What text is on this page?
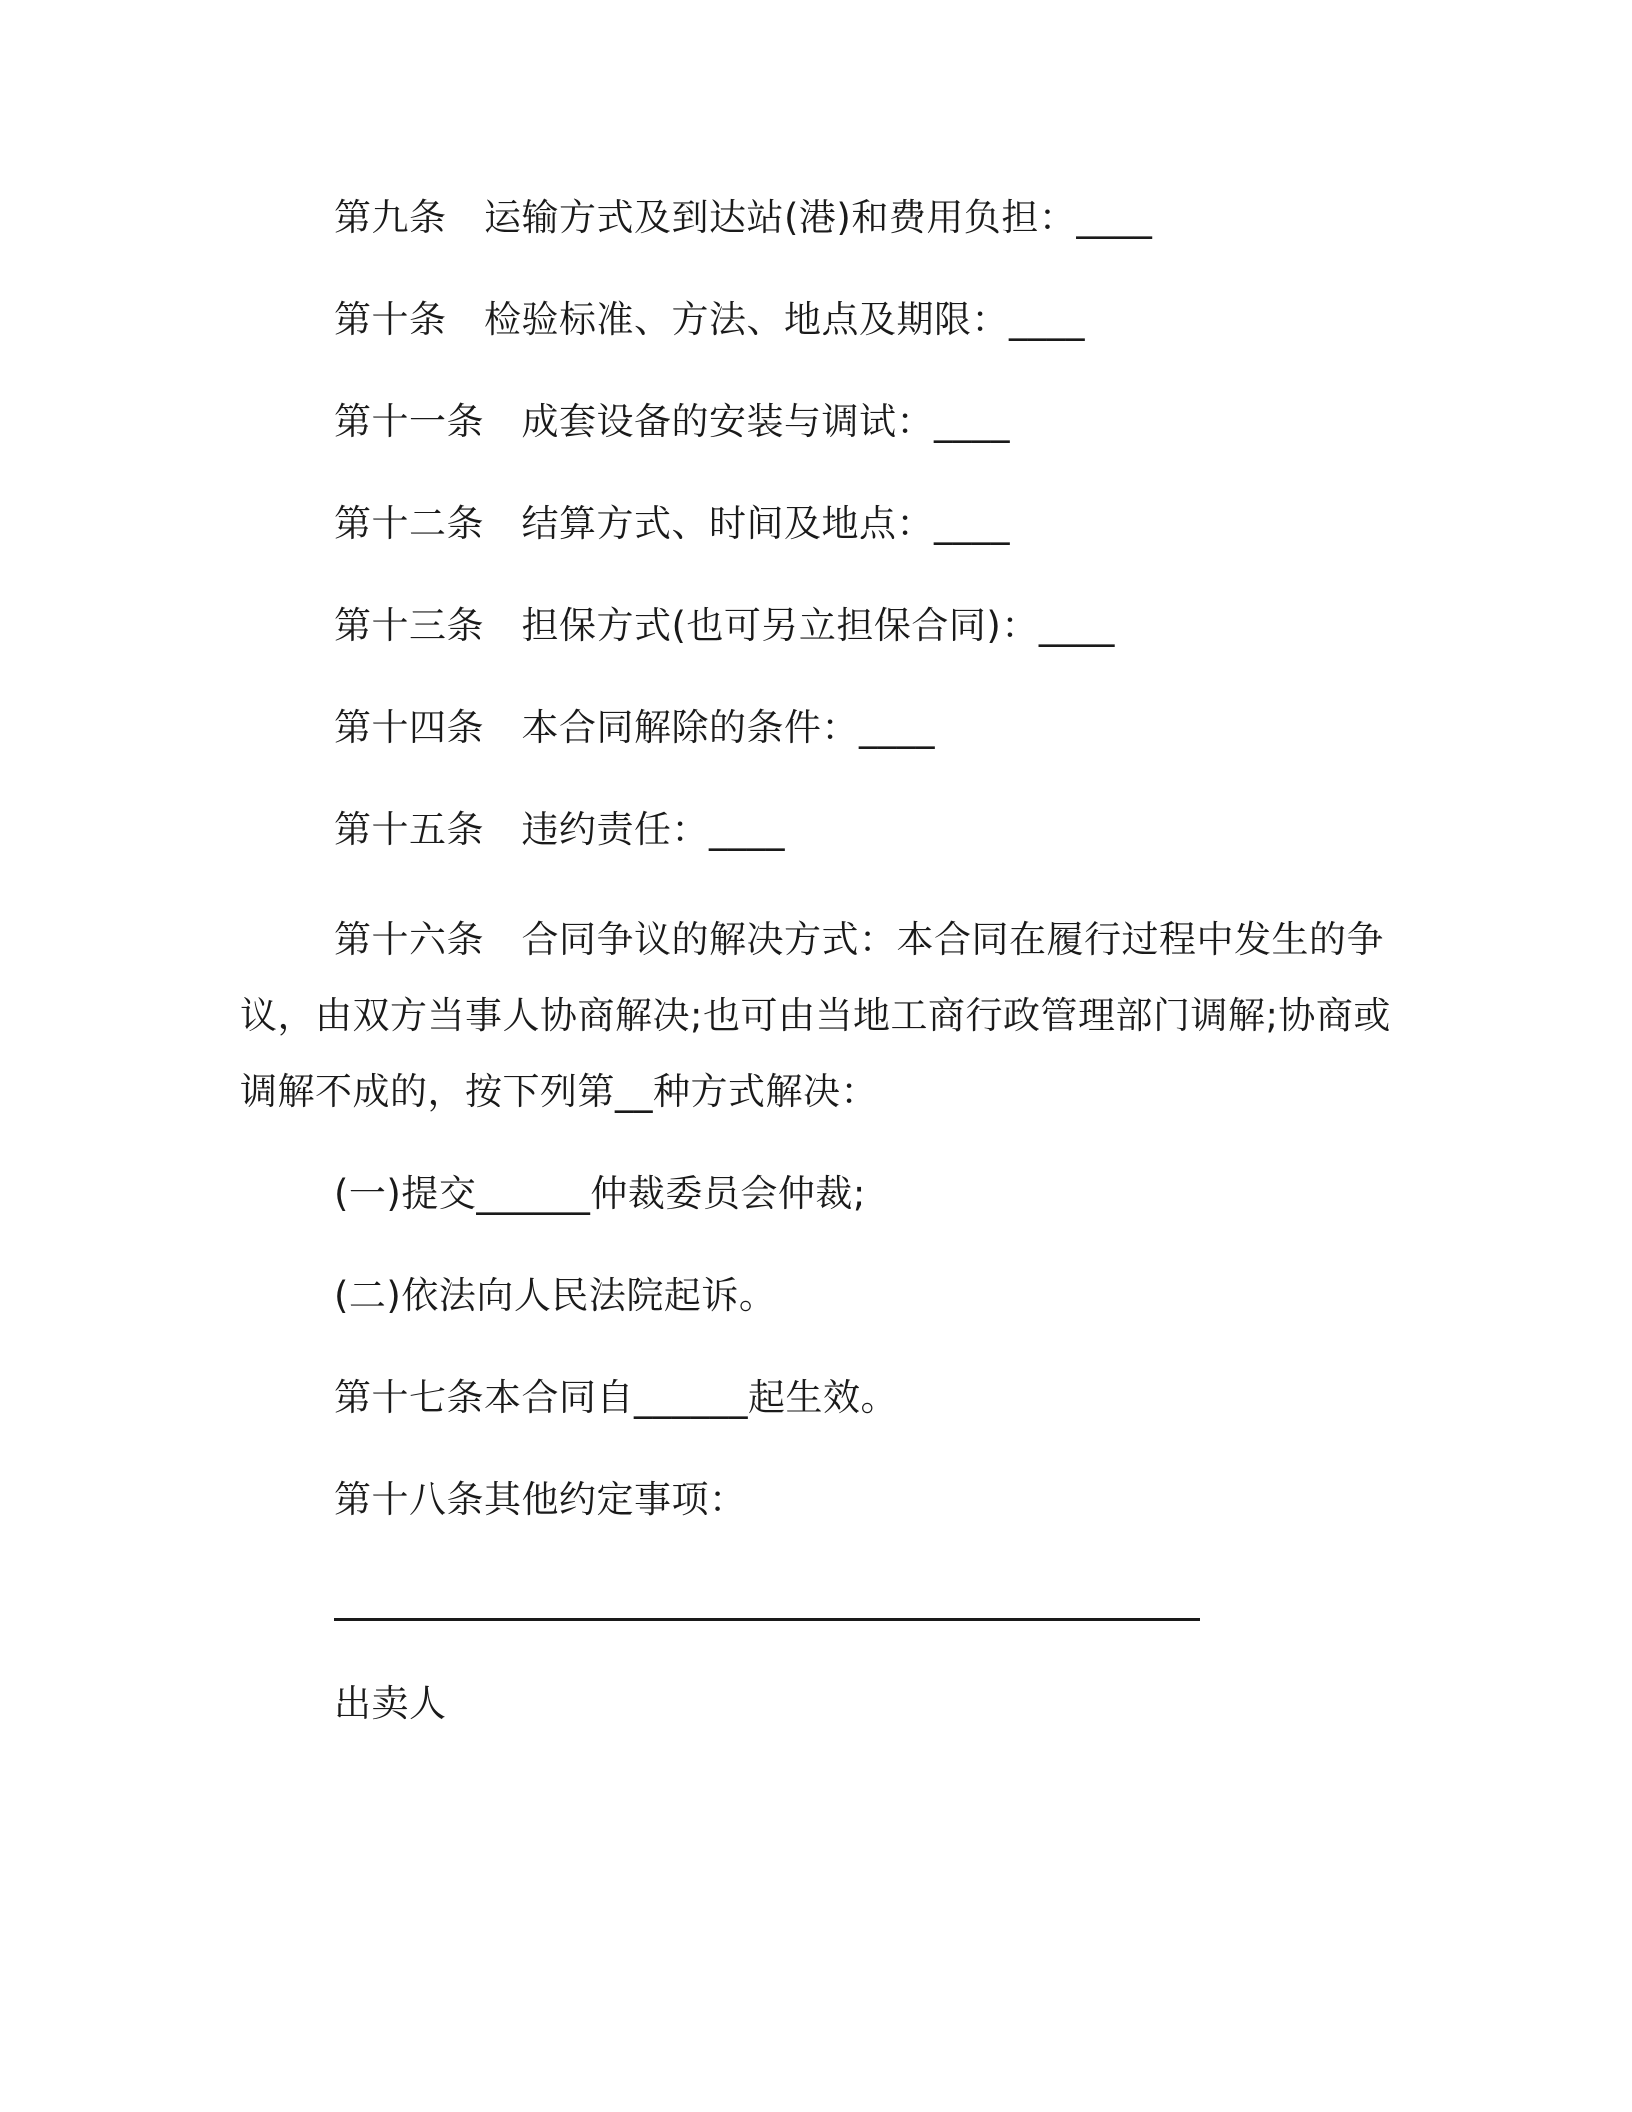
第九条　运输方式及到达站(港)和费用负担：____
第十条　检验标准、方法、地点及期限：____
第十一条　成套设备的安装与调试：____
第十二条　结算方式、时间及地点：____
第十三条　担保方式(也可另立担保合同)：____
第十四条　本合同解除的条件：____
第十五条　违约责任：____
第十六条　合同争议的解决方式：本合同在履行过程中发生的争
议，由双方当事人协商解决;也可由当地工商行政管理部门调解;协商或
调解不成的，按下列第__种方式解决：
(一)提交______仲裁委员会仲裁;
(二)依法向人民法院起诉。
第十七条本合同自______起生效。
第十八条其他约定事项：
出卖人
